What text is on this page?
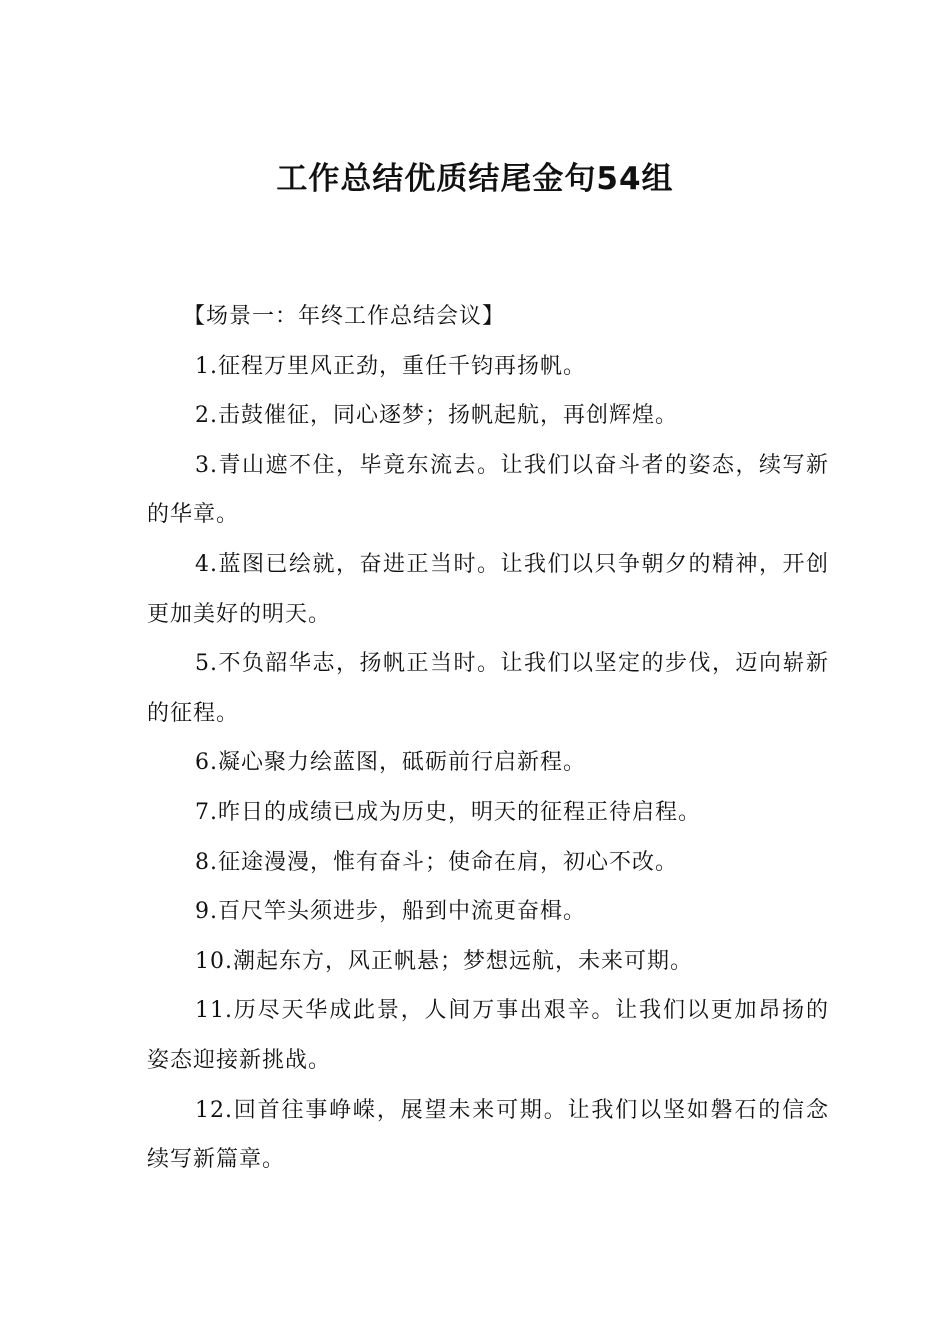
工作总结优质结尾金句54组

【场景一：年终工作总结会议】

1.征程万里风正劲，重任千钧再扬帆。

2.击鼓催征，同心逐梦；扬帆起航，再创辉煌。

3.青山遮不住，毕竟东流去。让我们以奋斗者的姿态，续写新的华章。

4.蓝图已绘就，奋进正当时。让我们以只争朝夕的精神，开创更加美好的明天。

5.不负韶华志，扬帆正当时。让我们以坚定的步伐，迈向崭新的征程。

6.凝心聚力绘蓝图，砥砺前行启新程。

7.昨日的成绩已成为历史，明天的征程正待启程。

8.征途漫漫，惟有奋斗；使命在肩，初心不改。

9.百尺竿头须进步，船到中流更奋楫。

10.潮起东方，风正帆悬；梦想远航，未来可期。

11.历尽天华成此景，人间万事出艰辛。让我们以更加昂扬的姿态迎接新挑战。

12.回首往事峥嵘，展望未来可期。让我们以坚如磐石的信念续写新篇章。
